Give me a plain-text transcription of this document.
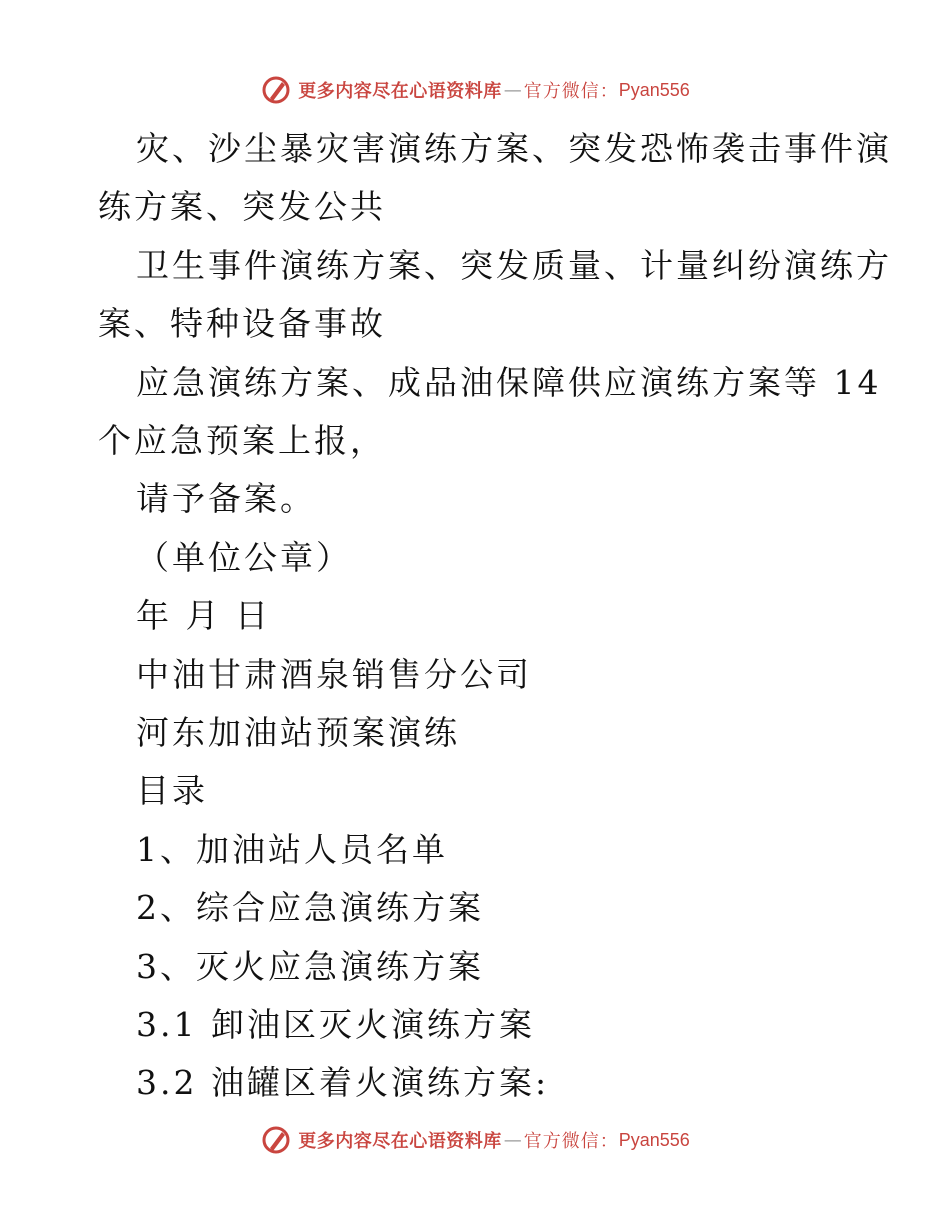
更多内容尽在心语资料库 — 官方微信： Pyan556
灾、沙尘暴灾害演练方案、突发恐怖袭击事件演
练方案、突发公共
卫生事件演练方案、突发质量、计量纠纷演练方
案、特种设备事故
应急演练方案、成品油保障供应演练方案等 14
个应急预案上报，
请予备案。
（单位公章）
年 月 日
中油甘肃酒泉销售分公司
河东加油站预案演练
目录
1、加油站人员名单
2、综合应急演练方案
3、灭火应急演练方案
3.1 卸油区灭火演练方案
3.2 油罐区着火演练方案:
更多内容尽在心语资料库 — 官方微信： Pyan556
